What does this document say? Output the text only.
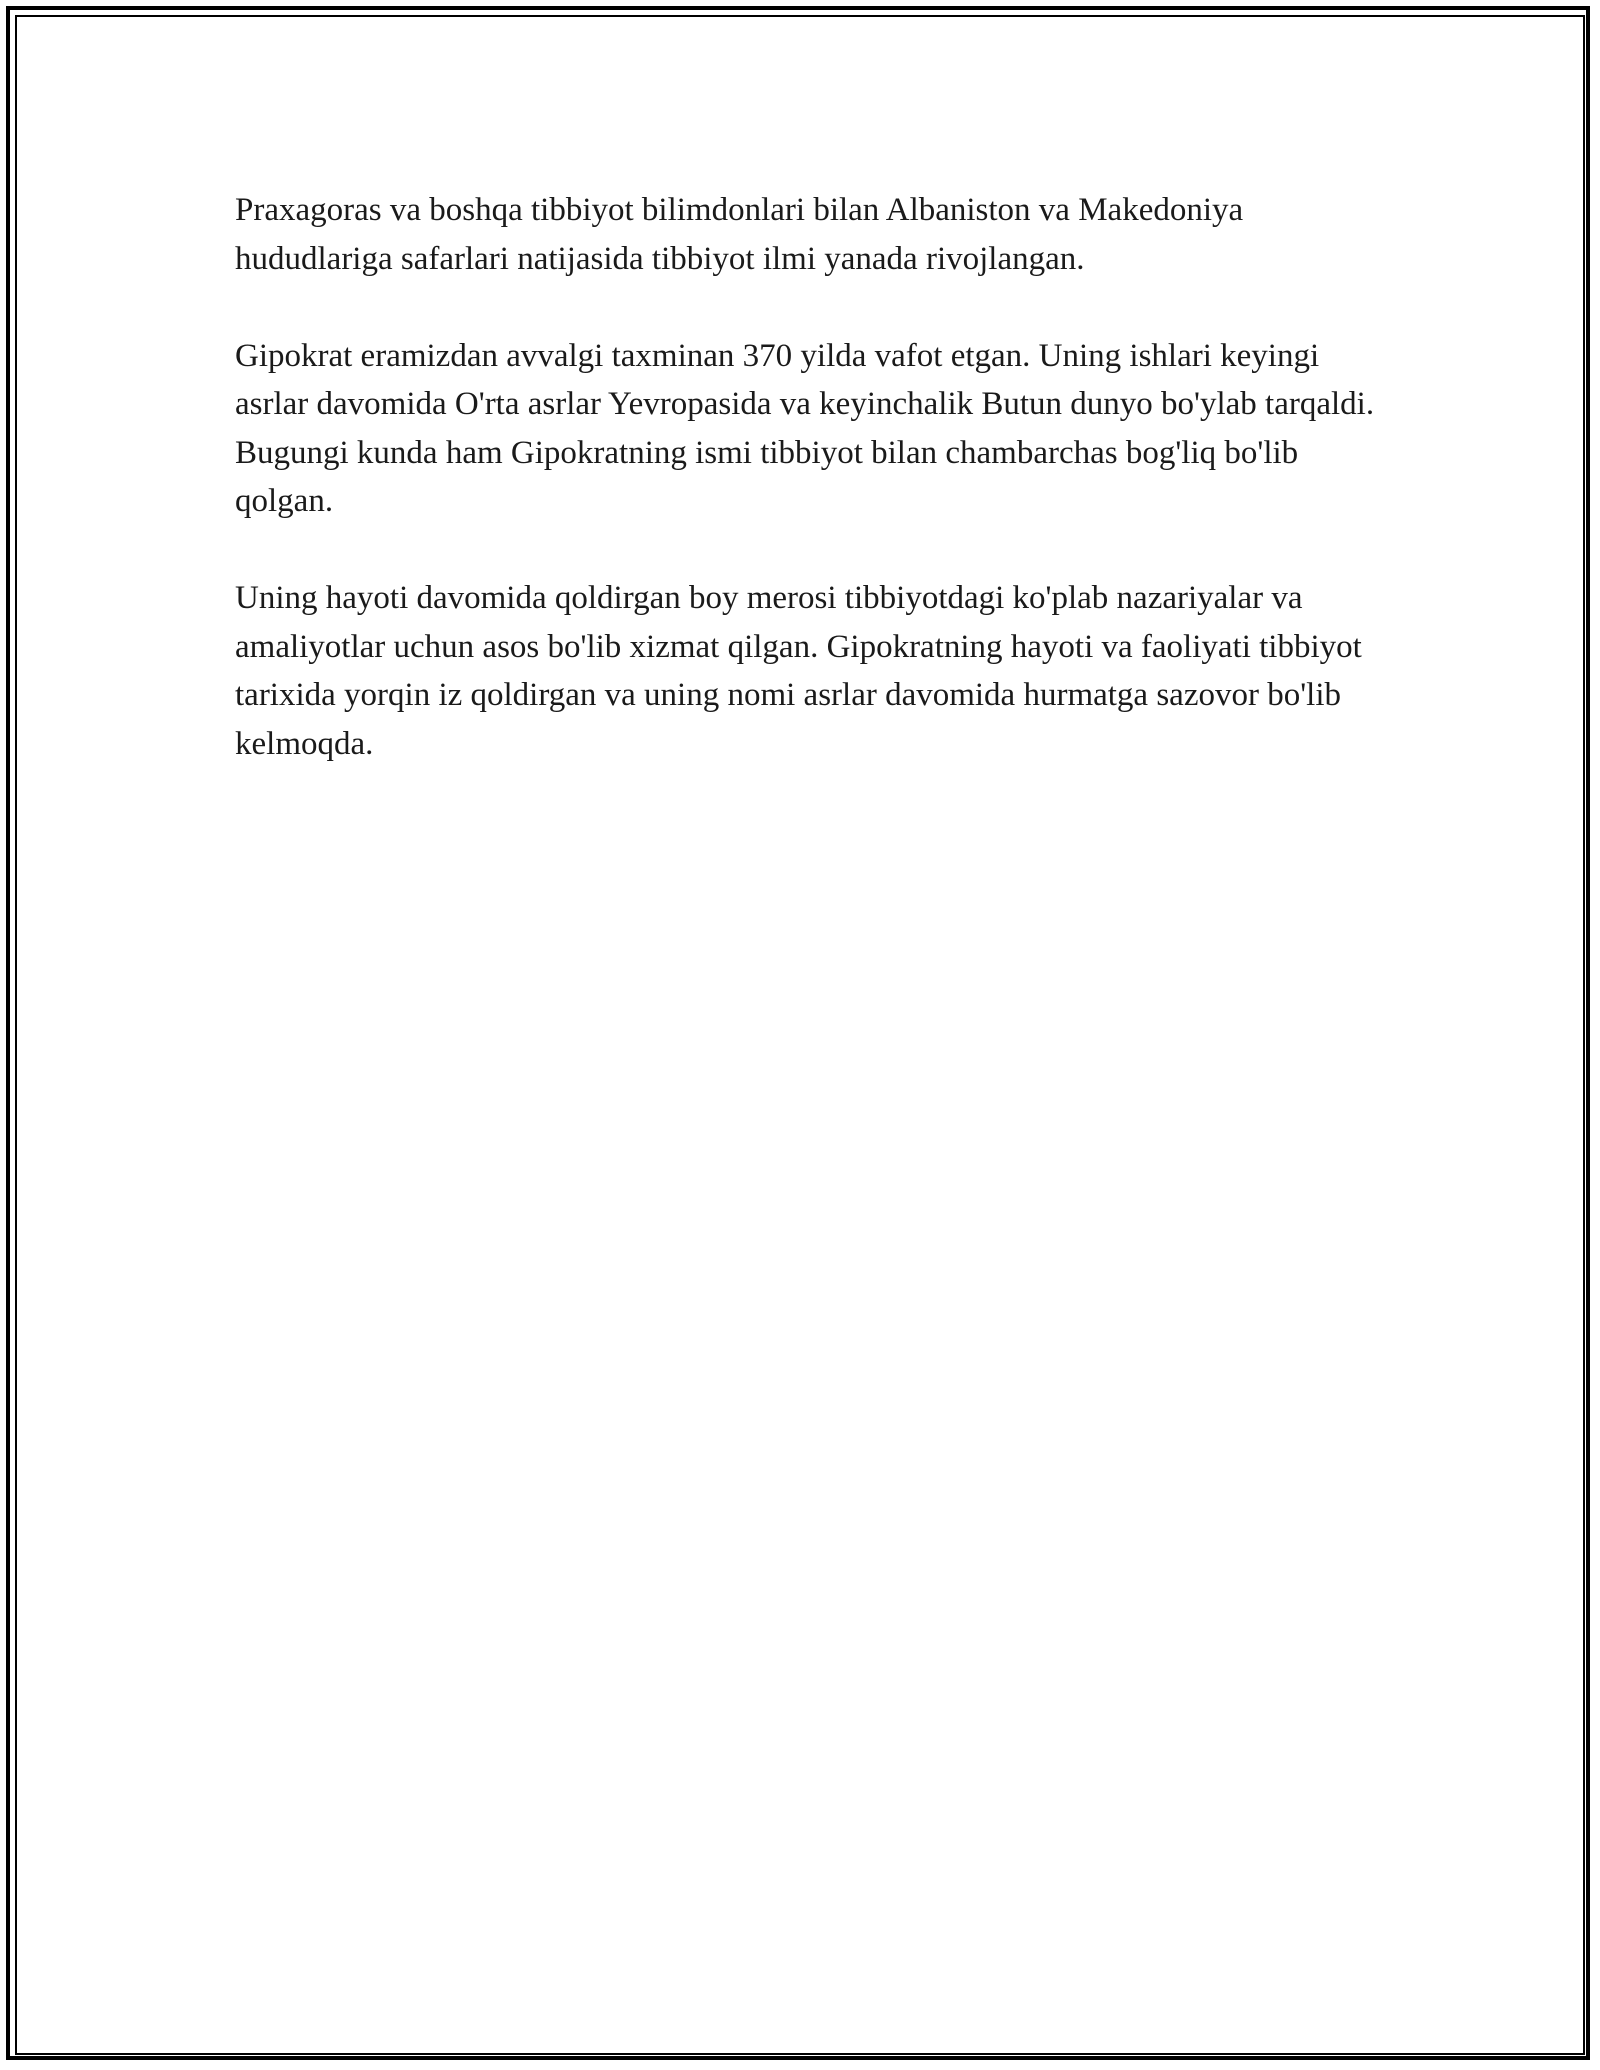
Praxagoras va boshqa tibbiyot bilimdonlari bilan Albaniston va Makedoniya hududlariga safarlari natijasida tibbiyot ilmi yanada rivojlangan.

Gipokrat eramizdan avvalgi taxminan 370 yilda vafot etgan. Uning ishlari keyingi asrlar davomida O'rta asrlar Yevropasida va keyinchalik Butun dunyo bo'ylab tarqaldi. Bugungi kunda ham Gipokratning ismi tibbiyot bilan chambarchas bog'liq bo'lib qolgan.

Uning hayoti davomida qoldirgan boy merosi tibbiyotdagi ko'plab nazariyalar va amaliyotlar uchun asos bo'lib xizmat qilgan. Gipokratning hayoti va faoliyati tibbiyot tarixida yorqin iz qoldirgan va uning nomi asrlar davomida hurmatga sazovor bo'lib kelmoqda.
